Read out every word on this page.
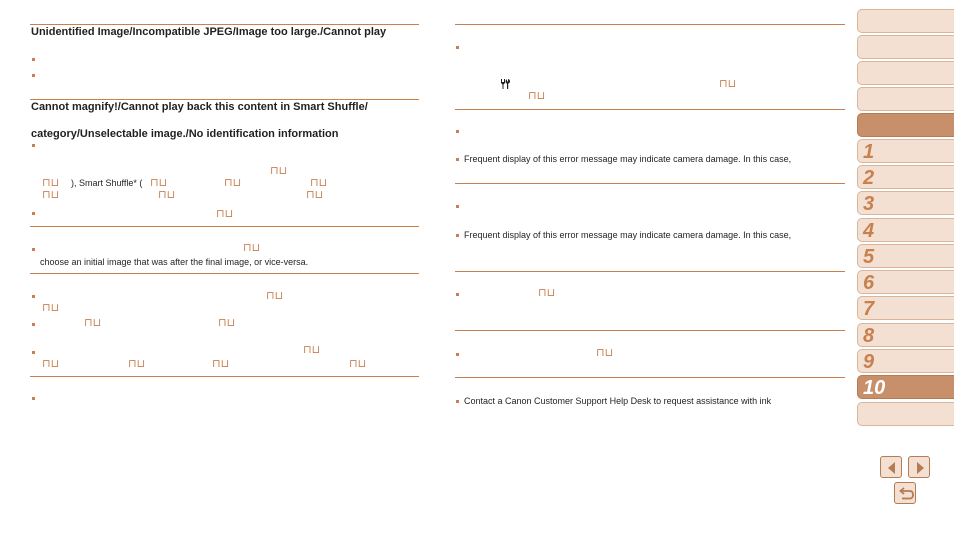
Unidentified Image/Incompatible JPEG/Image too large./Cannot play
Cannot magnify!/Cannot play back this content in Smart Shuffle/
category/Unselectable image./No identification information
⊓⊔
⊓⊔ ), Smart Shuffle* ( ⊓⊔	⊓⊔	⊓⊔
⊓⊔	⊓⊔	⊓⊔
⊓⊔
⊓⊔
choose an initial image that was after the final image, or vice-versa.
⊓⊔
⊓⊔
⊓⊔	⊓⊔
⊓⊔
⊓⊔	⊓⊔	⊓⊔	⊓⊔
⊓⊔
⊓⊔
Frequent display of this error message may indicate camera damage. In this case,
Frequent display of this error message may indicate camera damage. In this case,
⊓⊔
⊓⊔
Contact a Canon Customer Support Help Desk to request assistance with ink
1
2
3
4
5
6
7
8
9
10
